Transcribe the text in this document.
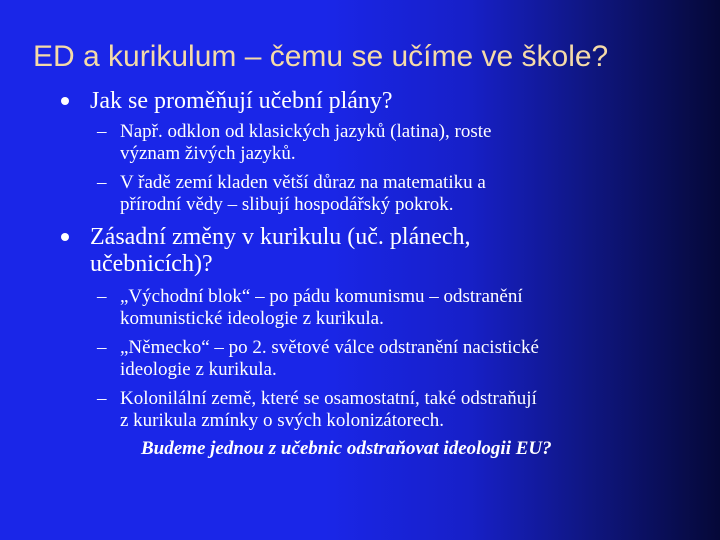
ED a kurikulum – čemu se učíme ve škole?
Jak se proměňují učební plány?
– Např. odklon od klasických jazyků (latina), roste
význam živých jazyků.
– V řadě zemí kladen větší důraz na matematiku a
přírodní vědy – slibují hospodářský pokrok.
Zásadní změny v kurikulu (uč. plánech,
učebnicích)?
– „Východní blok“ – po pádu komunismu – odstranění
komunistické ideologie z kurikula.
– „Německo“ – po 2. světové válce odstranění nacistické
ideologie z kurikula.
– Kolonilální země, které se osamostatní, také odstraňují
z kurikula zmínky o svých kolonizátorech.
Budeme jednou z učebnic odstraňovat ideologii EU?
